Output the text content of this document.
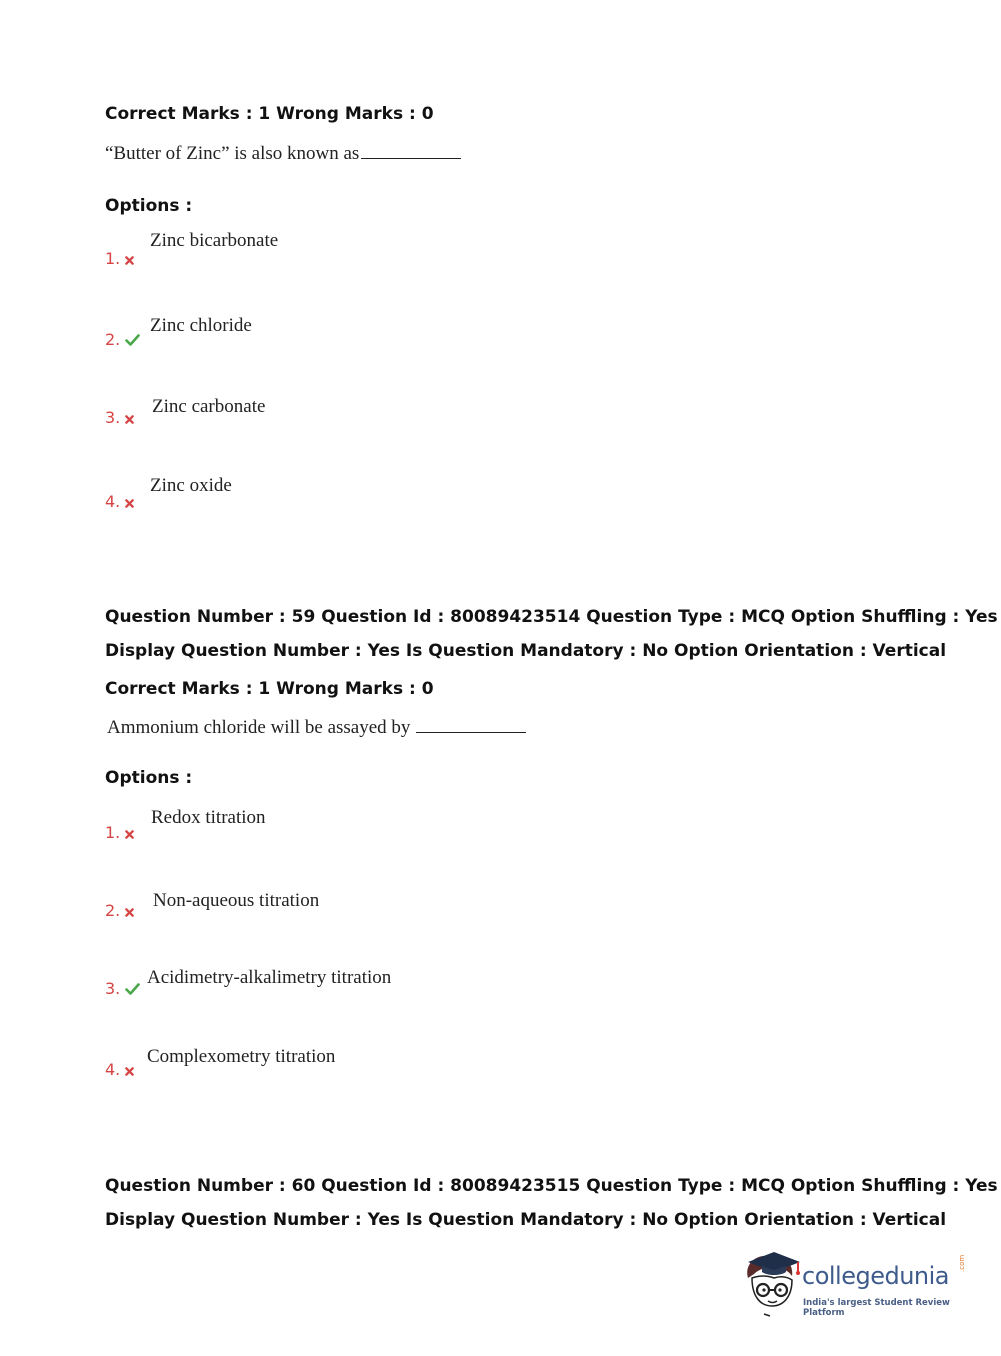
Correct Marks : 1 Wrong Marks : 0
“Butter of Zinc” is also known as
Options :
1.
Zinc bicarbonate
2.
Zinc chloride
3.
Zinc carbonate
4.
Zinc oxide
Question Number : 59 Question Id : 80089423514 Question Type : MCQ Option Shuffling : Yes
Display Question Number : Yes Is Question Mandatory : No Option Orientation : Vertical
Correct Marks : 1 Wrong Marks : 0
Ammonium chloride will be assayed by
Options :
1.
Redox titration
2.	Non-aqueous titration
3.
Acidimetry-alkalimetry titration
4.
Complexometry titration
Question Number : 60 Question Id : 80089423515 Question Type : MCQ Option Shuffling : Yes
Display Question Number : Yes Is Question Mandatory : No Option Orientation : Vertical
collegedunia .com
India's largest Student Review Platform
